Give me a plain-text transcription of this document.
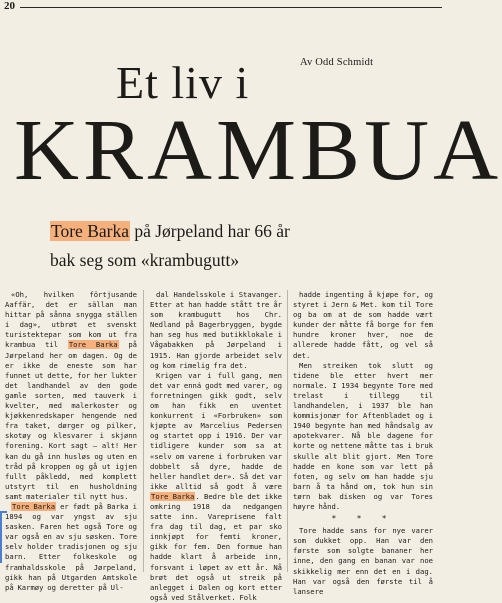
20
Av Odd Schmidt
Et liv i
KRAMBUA
Tore Barka på Jørpeland har 66 år
bak seg som «krambugutt»

«Oh, hvilken förtjusande Aaffär, det er sällan man hittar på sånna snygga ställen i dag», utbrøt et svenskt turistektepar som kom ut fra krambua til Tore Barka på Jørpeland her om dagen. Og de er ikke de eneste som har funnet ut dette, for her lukter det landhandel av den gode gamle sorten, med tauverk i kvelter, med malerkoster og kjøkkenredskaper hengende ned fra taket, dørger og pilker, skotøy og klesvarer i skjønn forening. Kort sagt – alt! Her kan du gå inn husløs og uten en tråd på kroppen og gå ut igjen fullt påkledd, med komplett utstyrt til en husholdning samt materialer til nytt hus.

Tore Barka er født på Barka i 1894 og var yngst av sju sasken. Faren het også Tore og var også en av sju søsken. Tore selv holder tradisjonen og sju barn. Etter folkeskole og framhaldsskole på Jørpeland, gikk han på Utgarden Amtskole på Karmøy og deretter på Ul-

dal Handelsskole i Stavanger. Etter at han hadde stått tre år som krambugutt hos Chr. Nedland på Bagerbryggen, bygde han seg hus med butikklokale i Vågabakken på Jørpeland i 1915. Han gjorde arbeidet selv og kom rimelig fra det.

Krigen var i full gang, men det var enná godt med varer, og forretningen gikk godt, selv om han fikk en uventet konkurrent i «Forbruken» som kjøpte av Marcelius Pedersen og startet opp i 1916. Der var tidligere kunder som sa at «selv om varene i forbruken var dobbelt så dyre, hadde de heller handlet der». Så det var ikke alltid så godt å være Tore Barka. Bedre ble det ikke omkring 1918 da nedgangen satte inn. Vareprisene falt fra dag til dag, et par sko innkjøpt for femti kroner, gikk for fem. Den formue han hadde klart å arbeide inn, forsvant i løpet av ett år. Nå brøt det også ut streik på anlegget i Dalen og kort etter også ved Stålverket. Folk

hadde ingenting å kjøpe for, og styret i Jern & Met. kom til Tore og ba om at de som hadde vært kunder der måtte få borge for fem hundre kroner hver, noe de allerede hadde fått, og vel så det.

Men streiken tok slutt og tidene ble etter hvert mer normale. I 1934 begynte Tore med trelast i tillegg til landhandelen, i 1937 ble han kommisjonær for Aftenbladet og i 1940 begynte han med håndsalg av apotekvarer. Nå ble dagene for korte og nettene måtte tas i bruk skulle alt blit gjort. Men Tore hadde en kone som var lett på foten, og selv om han hadde sju barn å ta hånd om, tok hun sin tørn bak disken og var Tores høyre hånd.

* * *

Tore hadde sans for nye varer som dukket opp. Han var den første som solgte bananer her inne, den gang en banan var noe skikkelig mer enn det en i dag. Han var også den første til å lansere
